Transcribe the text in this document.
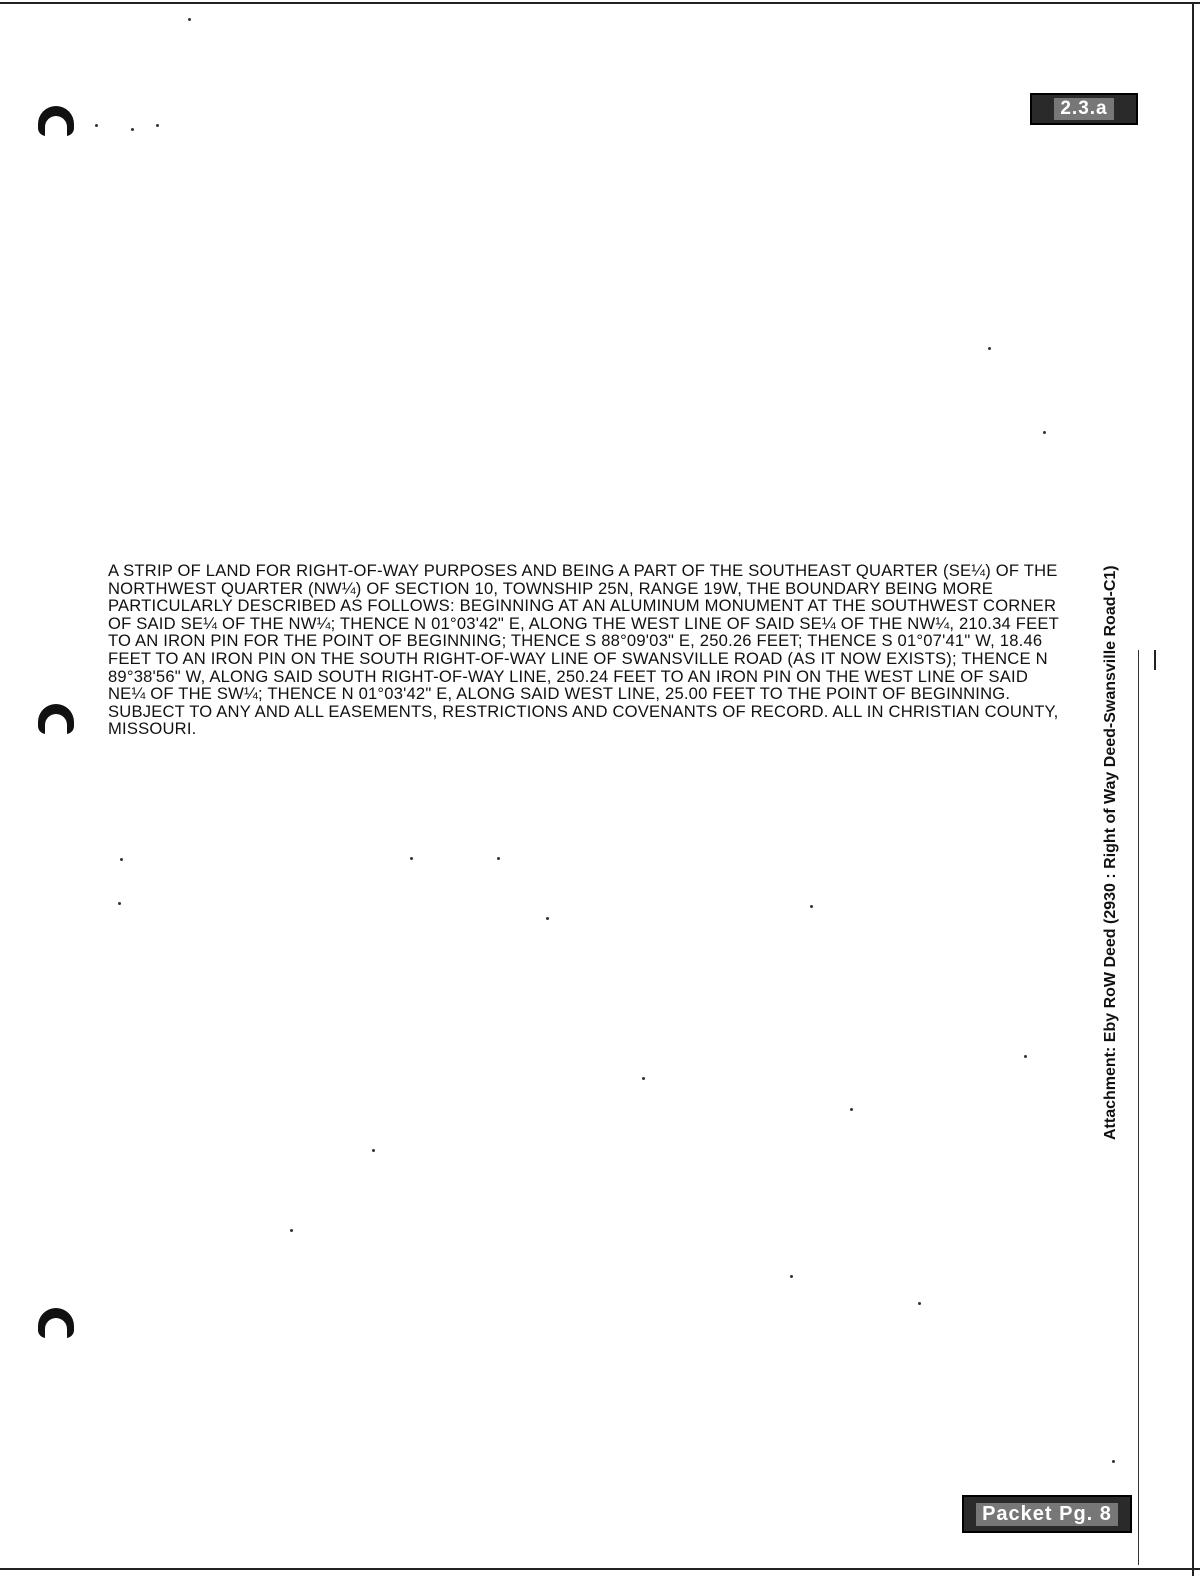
2.3.a

A STRIP OF LAND FOR RIGHT-OF-WAY PURPOSES AND BEING A PART OF THE SOUTHEAST QUARTER (SE¼) OF THE NORTHWEST QUARTER (NW¼) OF SECTION 10, TOWNSHIP 25N, RANGE 19W, THE BOUNDARY BEING MORE PARTICULARLY DESCRIBED AS FOLLOWS: BEGINNING AT AN ALUMINUM MONUMENT AT THE SOUTHWEST CORNER OF SAID SE¼ OF THE NW¼; THENCE N 01°03'42" E, ALONG THE WEST LINE OF SAID SE¼ OF THE NW¼, 210.34 FEET TO AN IRON PIN FOR THE POINT OF BEGINNING; THENCE S 88°09'03" E, 250.26 FEET; THENCE S 01°07'41" W, 18.46 FEET TO AN IRON PIN ON THE SOUTH RIGHT-OF-WAY LINE OF SWANSVILLE ROAD (AS IT NOW EXISTS); THENCE N 89°38'56" W, ALONG SAID SOUTH RIGHT-OF-WAY LINE, 250.24 FEET TO AN IRON PIN ON THE WEST LINE OF SAID NE¼ OF THE SW¼; THENCE N 01°03'42" E, ALONG SAID WEST LINE, 25.00 FEET TO THE POINT OF BEGINNING. SUBJECT TO ANY AND ALL EASEMENTS, RESTRICTIONS AND COVENANTS OF RECORD. ALL IN CHRISTIAN COUNTY, MISSOURI.	Attachment: Eby RoW Deed (2930 : Right of Way Deed-Swansville Road-C1)
Packet Pg. 8
